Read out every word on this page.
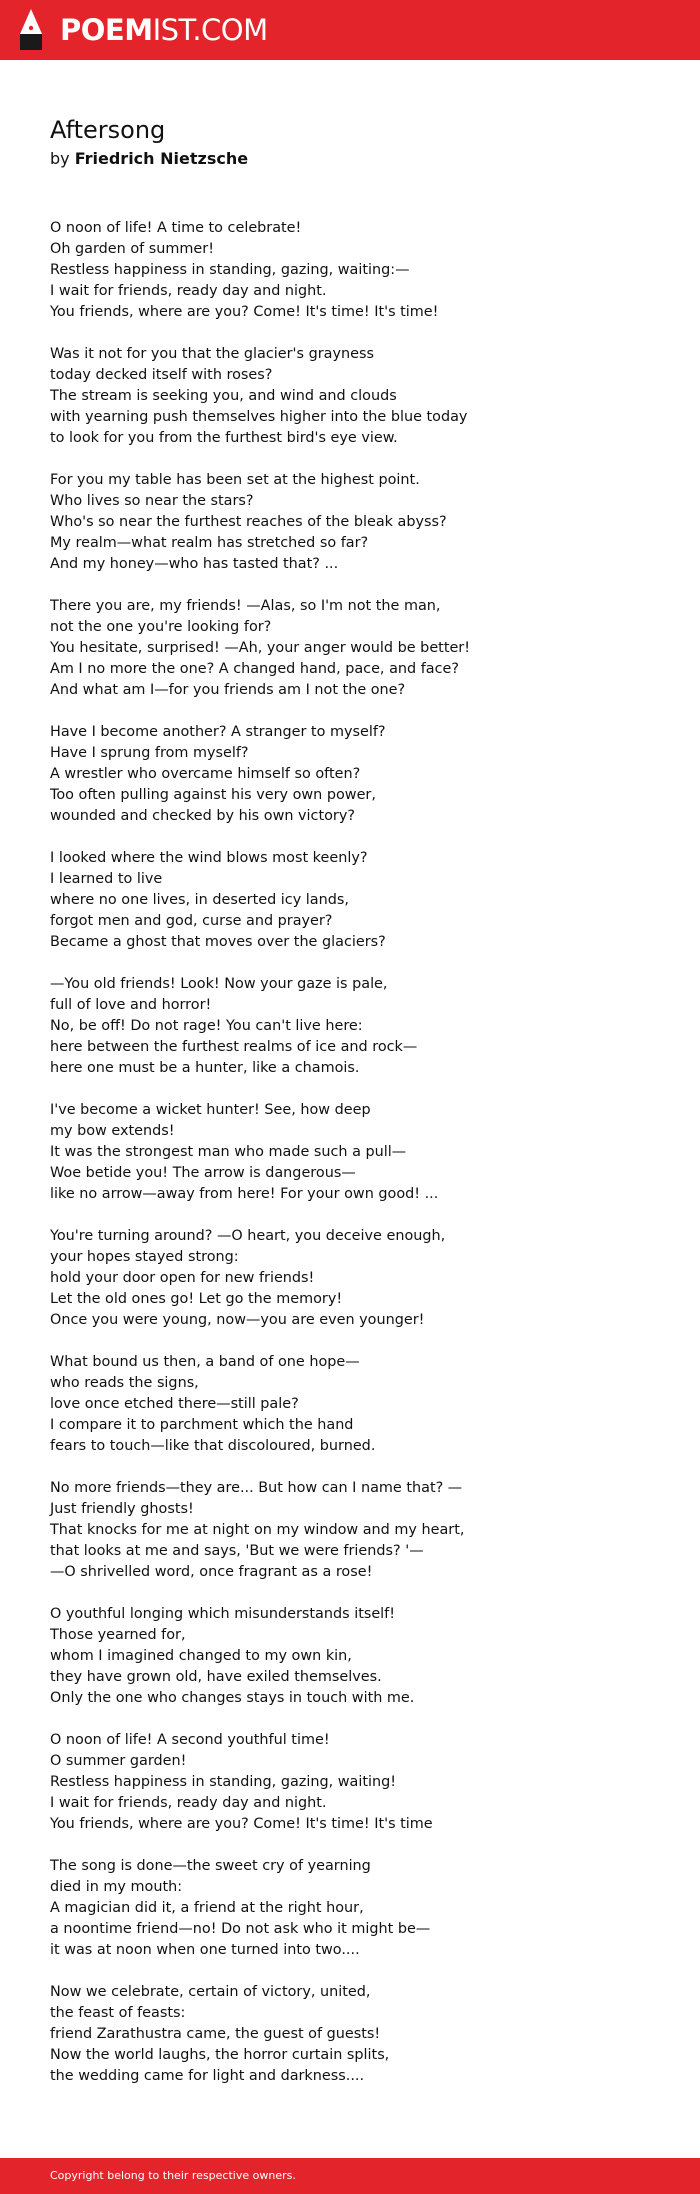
POEMIST.COM
Aftersong
by Friedrich Nietzsche
O noon of life! A time to celebrate!
Oh garden of summer!
Restless happiness in standing, gazing, waiting:—
I wait for friends, ready day and night.
You friends, where are you? Come! It's time! It's time!
Was it not for you that the glacier's grayness
today decked itself with roses?
The stream is seeking you, and wind and clouds
with yearning push themselves higher into the blue today
to look for you from the furthest bird's eye view.
For you my table has been set at the highest point.
Who lives so near the stars?
Who's so near the furthest reaches of the bleak abyss?
My realm—what realm has stretched so far?
And my honey—who has tasted that? ...
There you are, my friends! —Alas, so I'm not the man,
not the one you're looking for?
You hesitate, surprised! —Ah, your anger would be better!
Am I no more the one? A changed hand, pace, and face?
And what am I—for you friends am I not the one?
Have I become another? A stranger to myself?
Have I sprung from myself?
A wrestler who overcame himself so often?
Too often pulling against his very own power,
wounded and checked by his own victory?
I looked where the wind blows most keenly?
I learned to live
where no one lives, in deserted icy lands,
forgot men and god, curse and prayer?
Became a ghost that moves over the glaciers?
—You old friends! Look! Now your gaze is pale,
full of love and horror!
No, be off! Do not rage! You can't live here:
here between the furthest realms of ice and rock—
here one must be a hunter, like a chamois.
I've become a wicket hunter! See, how deep
my bow extends!
It was the strongest man who made such a pull—
Woe betide you! The arrow is dangerous—
like no arrow—away from here! For your own good! ...
You're turning around? —O heart, you deceive enough,
your hopes stayed strong:
hold your door open for new friends!
Let the old ones go! Let go the memory!
Once you were young, now—you are even younger!
What bound us then, a band of one hope—
who reads the signs,
love once etched there—still pale?
I compare it to parchment which the hand
fears to touch—like that discoloured, burned.
No more friends—they are... But how can I name that? —
Just friendly ghosts!
That knocks for me at night on my window and my heart,
that looks at me and says, 'But we were friends? '—
—O shrivelled word, once fragrant as a rose!
O youthful longing which misunderstands itself!
Those yearned for,
whom I imagined changed to my own kin,
they have grown old, have exiled themselves.
Only the one who changes stays in touch with me.
O noon of life! A second youthful time!
O summer garden!
Restless happiness in standing, gazing, waiting!
I wait for friends, ready day and night.
You friends, where are you? Come! It's time! It's time
The song is done—the sweet cry of yearning
died in my mouth:
A magician did it, a friend at the right hour,
a noontime friend—no! Do not ask who it might be—
it was at noon when one turned into two....
Now we celebrate, certain of victory, united,
the feast of feasts:
friend Zarathustra came, the guest of guests!
Now the world laughs, the horror curtain splits,
the wedding came for light and darkness....
Copyright belong to their respective owners.
